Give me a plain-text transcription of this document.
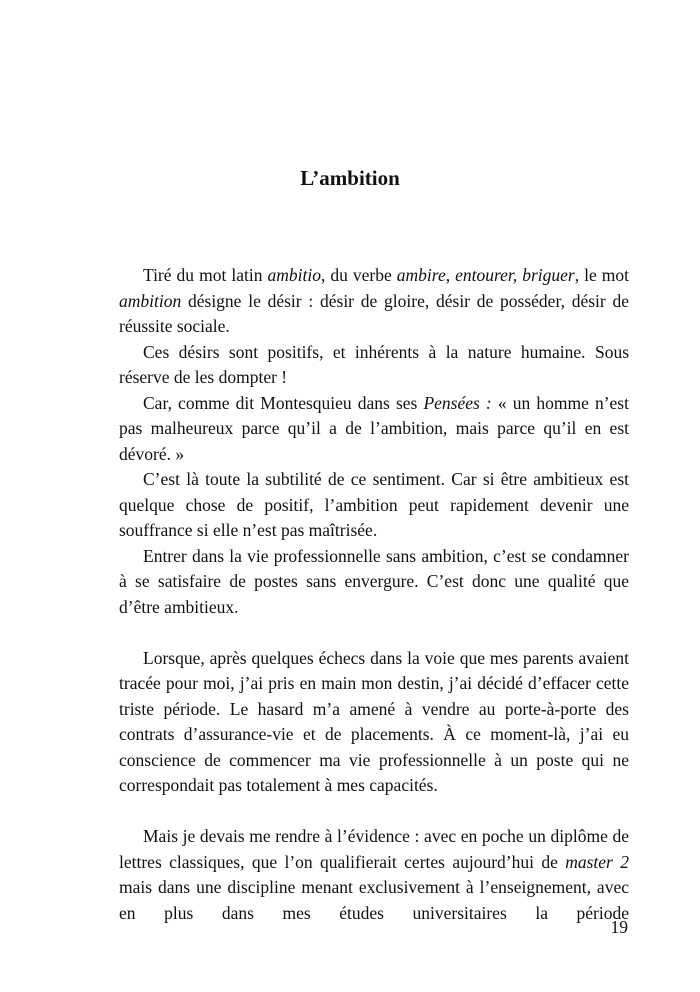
L’ambition

Tiré du mot latin ambitio, du verbe ambire, entourer, briguer, le mot ambition désigne le désir : désir de gloire, désir de posséder, désir de réussite sociale.

Ces désirs sont positifs, et inhérents à la nature humaine. Sous réserve de les dompter !

Car, comme dit Montesquieu dans ses Pensées : « un homme n’est pas malheureux parce qu’il a de l’ambition, mais parce qu’il en est dévoré. »

C’est là toute la subtilité de ce sentiment. Car si être ambitieux est quelque chose de positif, l’ambition peut rapidement devenir une souffrance si elle n’est pas maîtrisée.

Entrer dans la vie professionnelle sans ambition, c’est se condamner à se satisfaire de postes sans envergure. C’est donc une qualité que d’être ambitieux.

Lorsque, après quelques échecs dans la voie que mes parents avaient tracée pour moi, j’ai pris en main mon destin, j’ai décidé d’effacer cette triste période. Le hasard m’a amené à vendre au porte-à-porte des contrats d’assurance-vie et de placements. À ce moment-là, j’ai eu conscience de commencer ma vie professionnelle à un poste qui ne correspondait pas totalement à mes capacités.

Mais je devais me rendre à l’évidence : avec en poche un diplôme de lettres classiques, que l’on qualifierait certes aujourd’hui de master 2 mais dans une discipline menant exclusivement à l’enseignement, avec en plus dans mes études universitaires la période

19
